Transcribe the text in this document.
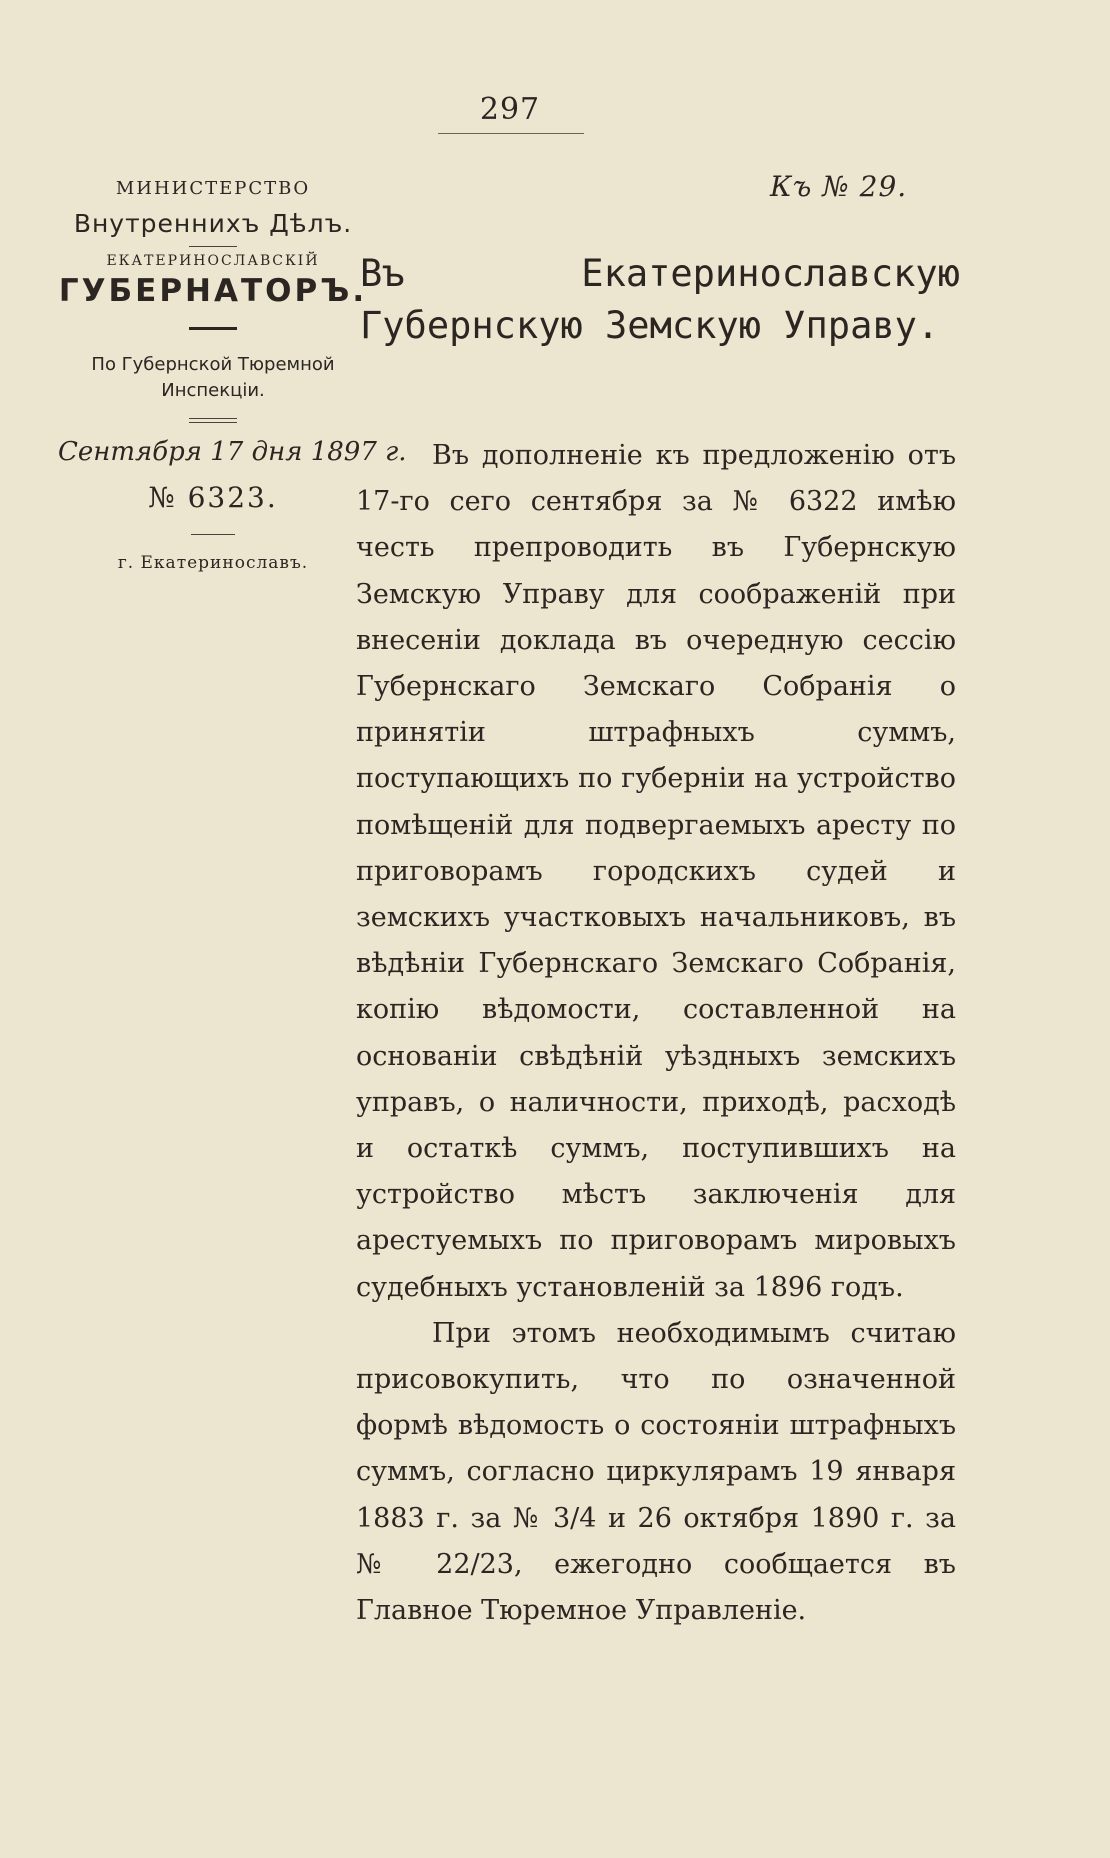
297
Къ № 29.
МИНИСТЕРСТВО
Внутреннихъ Дѣлъ.
ЕКАТЕРИНОСЛАВСКІЙ
ГУБЕРНАТОРЪ.
По Губернской Тюремной Инспекціи.
Сентября 17 дня 1897 г.
№ 6323.
г. Екатеринославъ.
Въ Екатеринославскую Губернскую Земскую Управу.

Въ дополненіе къ предложенію отъ 17-го сего сентября за № 6322 имѣю честь препроводить въ Губернскую Земскую Управу для соображеній при внесеніи доклада въ очередную сессію Губернскаго Земскаго Собранія о принятіи штрафныхъ суммъ, поступающихъ по губерніи на устройство помѣщеній для подвергаемыхъ аресту по приговорамъ городскихъ судей и земскихъ участковыхъ начальниковъ, въ вѣдѣніи Губернскаго Земскаго Собранія, копію вѣдомости, составленной на основаніи свѣдѣній уѣздныхъ земскихъ управъ, о наличности, приходѣ, расходѣ и остаткѣ суммъ, поступившихъ на устройство мѣстъ заключенія для арестуемыхъ по приговорамъ мировыхъ судебныхъ установленій за 1896 годъ.

При этомъ необходимымъ считаю присовокупить, что по означенной формѣ вѣдомость о состояніи штрафныхъ суммъ, согласно циркулярамъ 19 января 1883 г. за № 3/4 и 26 октября 1890 г. за № 22/23, ежегодно сообщается въ Главное Тюремное Управленіе.
